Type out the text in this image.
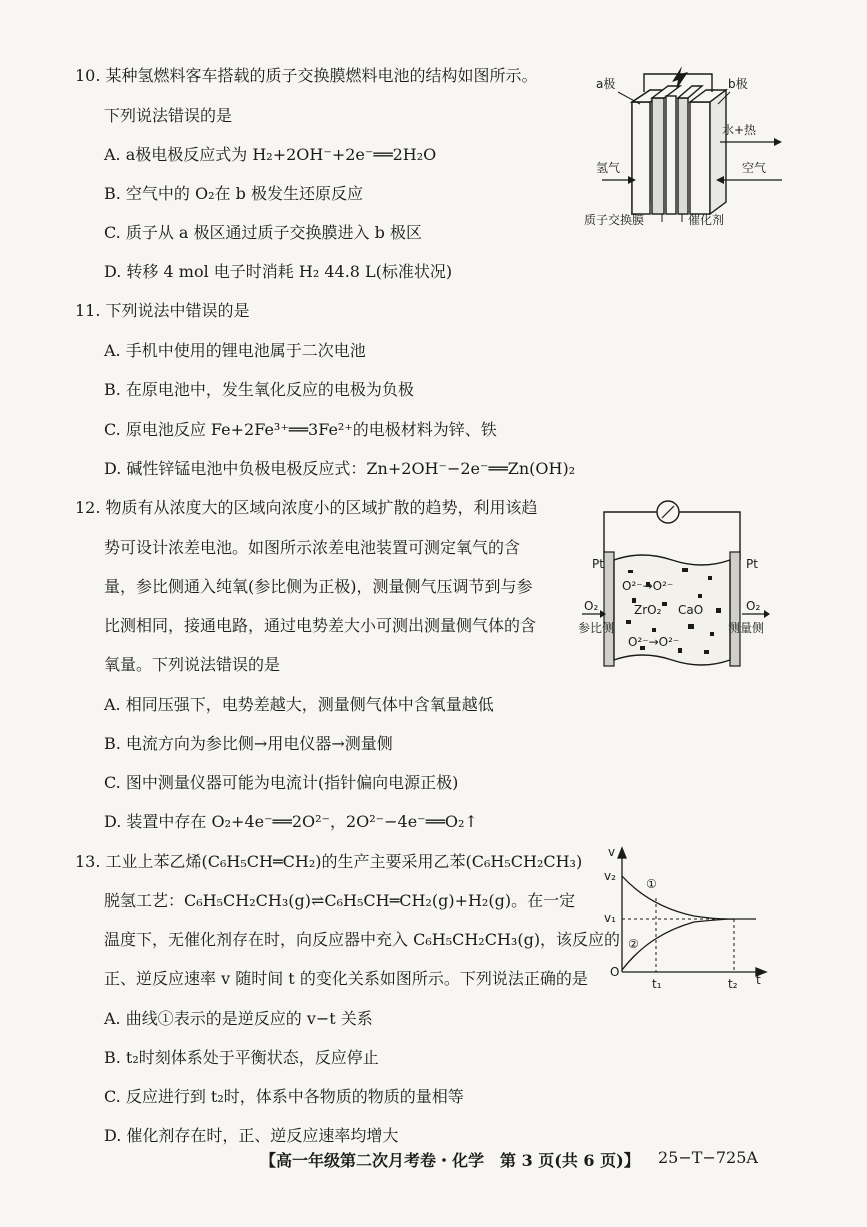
10. 某种氢燃料客车搭载的质子交换膜燃料电池的结构如图所示。
下列说法错误的是
A. a极电极反应式为 H₂+2OH⁻+2e⁻══2H₂O
B. 空气中的 O₂在 b 极发生还原反应
C. 质子从 a 极区通过质子交换膜进入 b 极区
D. 转移 4 mol 电子时消耗 H₂ 44.8 L(标准状况)
a极	b极
水+热
氢气	空气
质子交换膜	催化剂
11. 下列说法中错误的是
A. 手机中使用的锂电池属于二次电池
B. 在原电池中，发生氧化反应的电极为负极
C. 原电池反应 Fe+2Fe³⁺══3Fe²⁺的电极材料为锌、铁
D. 碱性锌锰电池中负极电极反应式：Zn+2OH⁻−2e⁻══Zn(OH)₂
12. 物质有从浓度大的区域向浓度小的区域扩散的趋势，利用该趋
势可设计浓差电池。如图所示浓差电池装置可测定氧气的含
量，参比侧通入纯氧(参比侧为正极)，测量侧气压调节到与参
比测相同，接通电路，通过电势差大小可测出测量侧气体的含
氧量。下列说法错误的是
A. 相同压强下，电势差越大，测量侧气体中含氧量越低
B. 电流方向为参比侧→用电仪器→测量侧
C. 图中测量仪器可能为电流计(指针偏向电源正极)
D. 装置中存在 O₂+4e⁻══2O²⁻，2O²⁻−4e⁻══O₂↑
Pt	Pt
O²⁻→O²⁻
ZrO₂ CaO
O²⁻→O²⁻
O₂
参比侧
O₂
测量侧
13. 工业上苯乙烯(C₆H₅CH═CH₂)的生产主要采用乙苯(C₆H₅CH₂CH₃)
脱氢工艺：C₆H₅CH₂CH₃(g)⇌C₆H₅CH═CH₂(g)+H₂(g)。在一定
温度下，无催化剂存在时，向反应器中充入 C₆H₅CH₂CH₃(g)，该反应的
正、逆反应速率 v 随时间 t 的变化关系如图所示。下列说法正确的是
A. 曲线①表示的是逆反应的 v−t 关系
B. t₂时刻体系处于平衡状态，反应停止
C. 反应进行到 t₂时，体系中各物质的物质的量相等
D. 催化剂存在时，正、逆反应速率均增大
v
v₂
v₁
O
t₁	t₂ t
①
②
【高一年级第二次月考卷・化学　第 3 页(共 6 页)】 25−T−725A
